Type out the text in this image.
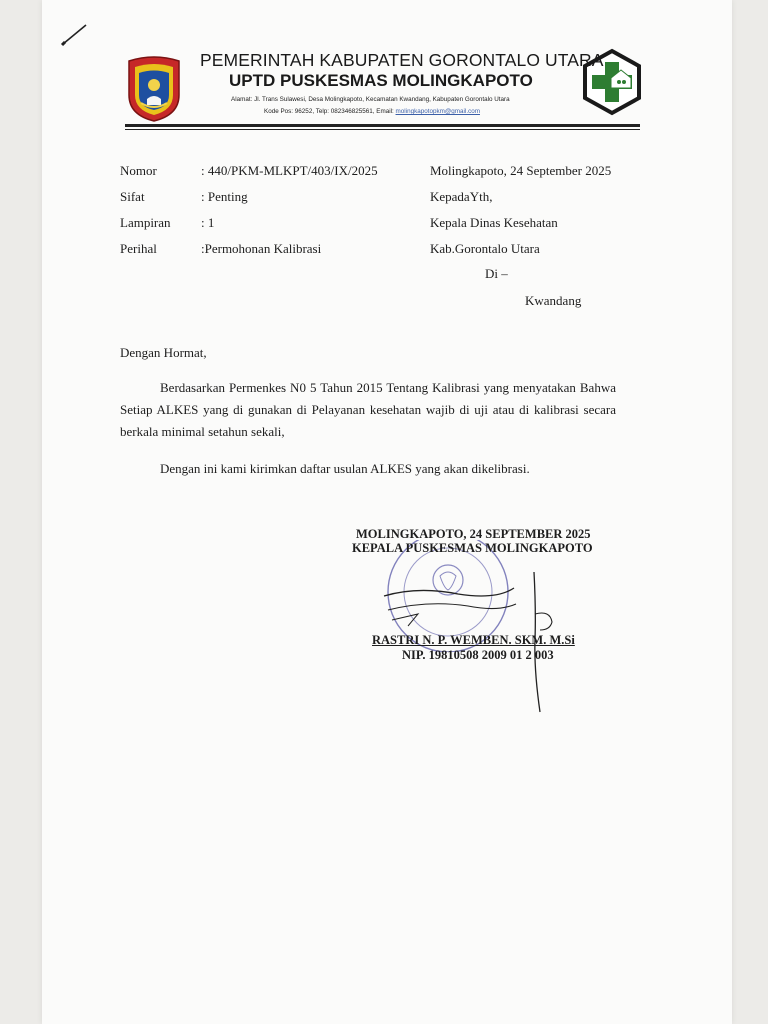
PEMERINTAH KABUPATEN GORONTALO UTARA
UPTD PUSKESMAS MOLINGKAPOTO
Alamat: Jl. Trans Sulawesi, Desa Molingkapoto, Kecamatan Kwandang, Kabupaten Gorontalo Utara
Kode Pos: 96252, Telp: 082346825561, Email: molingkapotopkm@gmail.com
Nomor	: 440/PKM-MLKPT/403/IX/2025
Sifat	: Penting
Lampiran : 1
Perihal	:Permohonan Kalibrasi
Molingkapoto, 24 September 2025
KepadaYth,
Kepala Dinas Kesehatan
Kab.Gorontalo Utara
Di –
Kwandang
Dengan Hormat,
Berdasarkan Permenkes N0 5 Tahun 2015 Tentang Kalibrasi yang menyatakan Bahwa
Setiap ALKES yang di gunakan di Pelayanan kesehatan wajib di uji atau di kalibrasi secara
berkala minimal setahun sekali,
Dengan ini kami kirimkan daftar usulan ALKES yang akan dikelibrasi.
MOLINGKAPOTO, 24 SEPTEMBER 2025
KEPALA PUSKESMAS MOLINGKAPOTO
RASTRI N. P. WEMBEN. SKM. M.Si
NIP. 19810508 2009 01 2 003
